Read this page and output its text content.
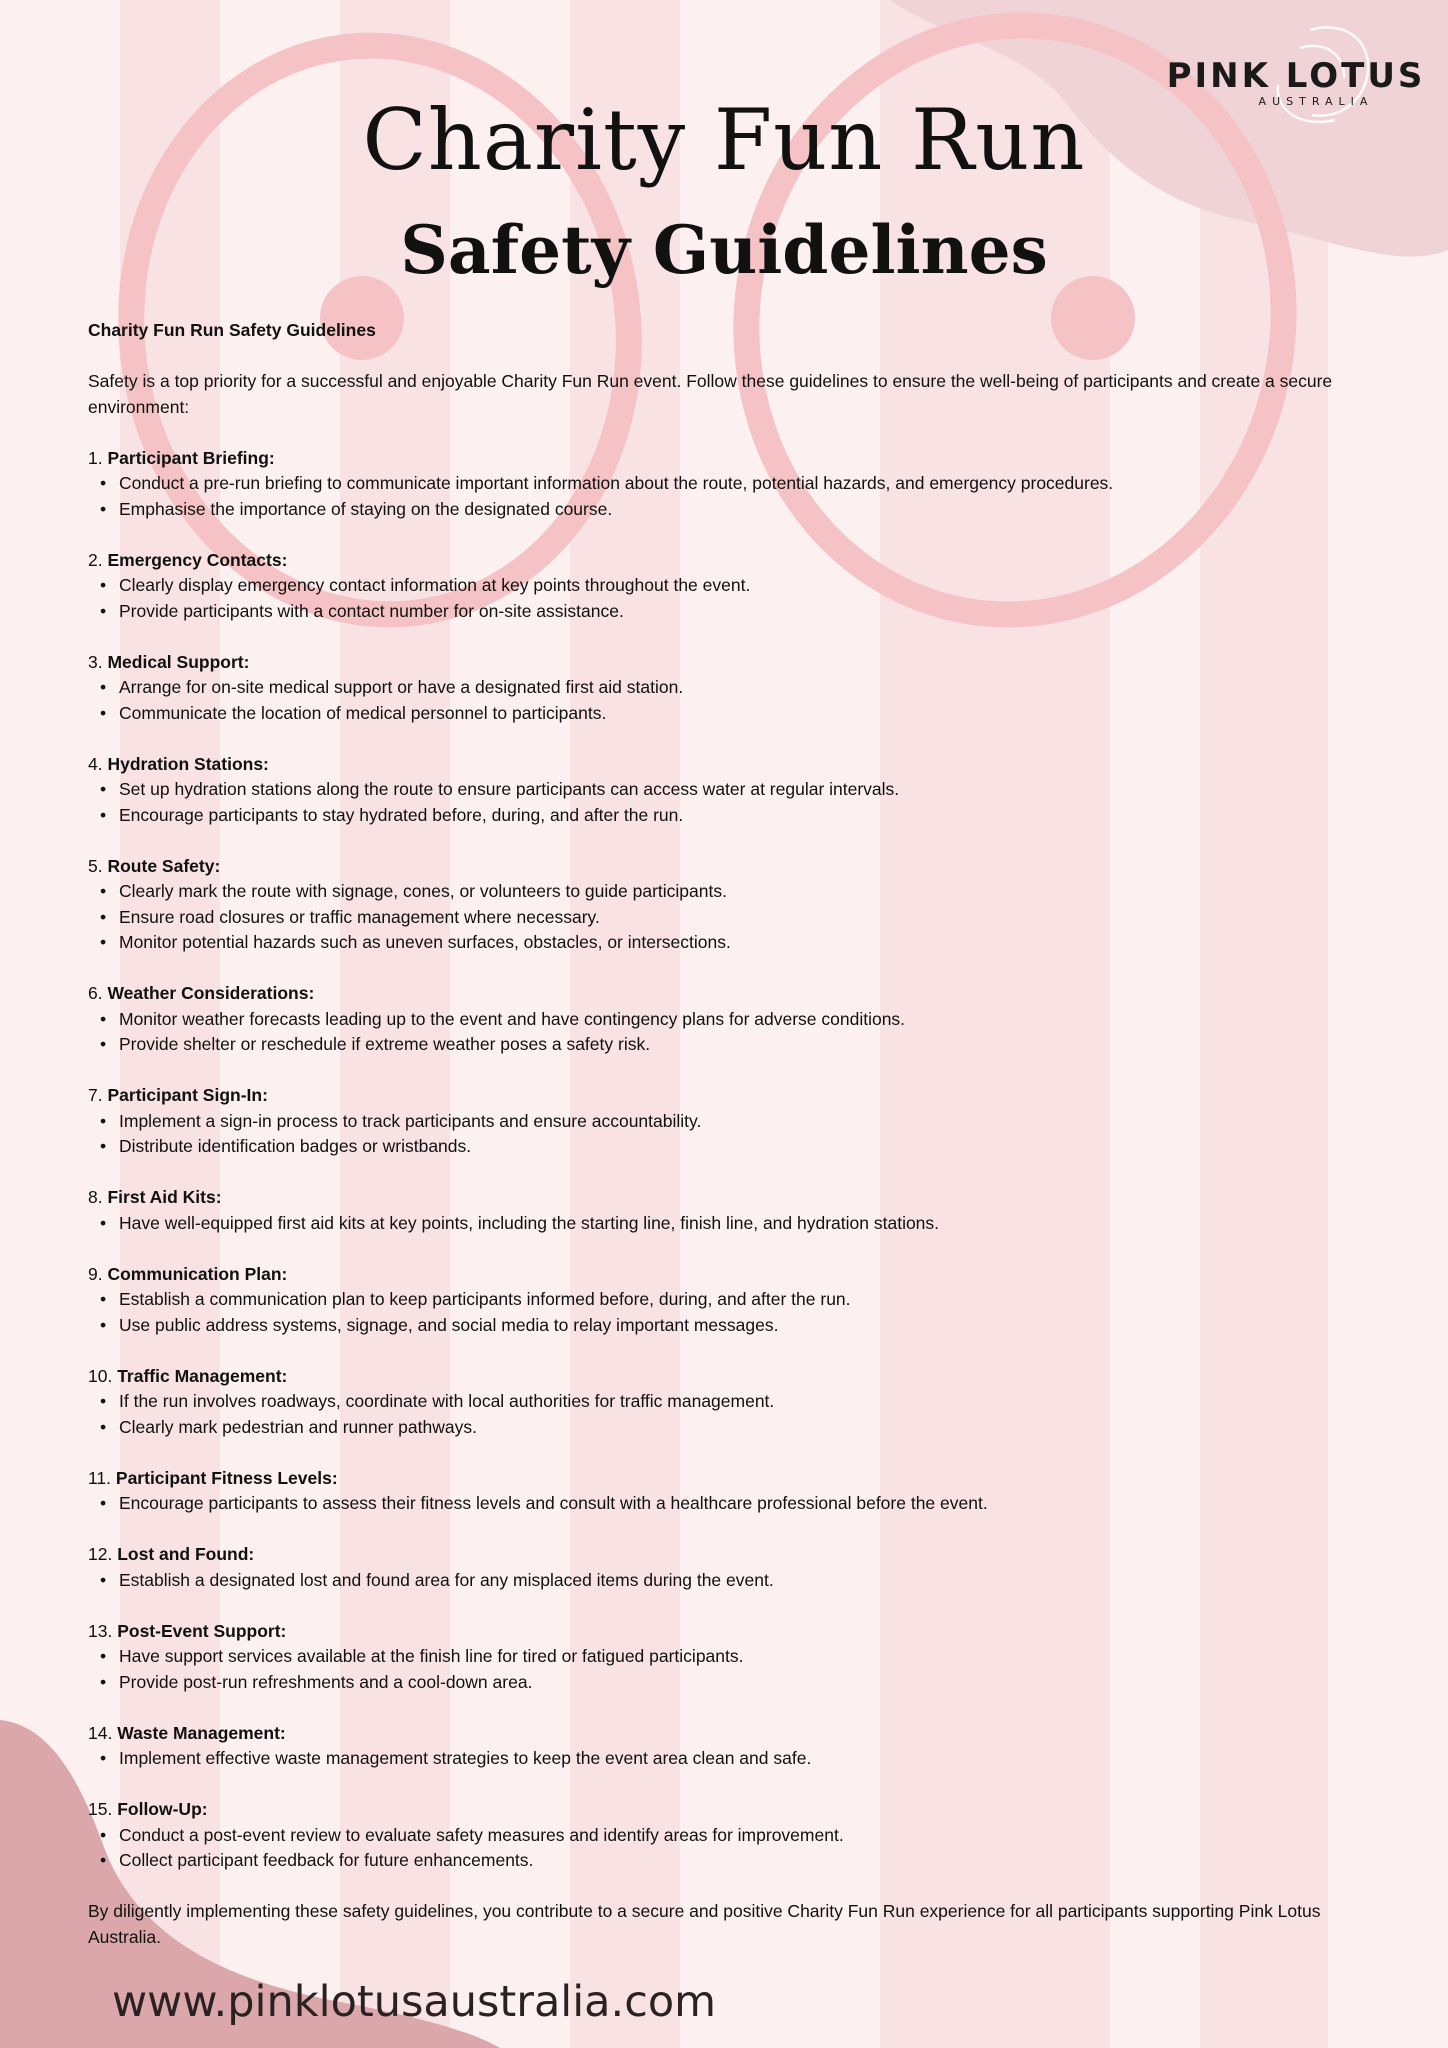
PINK LOTUS
AUSTRALIA
Charity Fun Run
Safety Guidelines

Charity Fun Run Safety Guidelines

Safety is a top priority for a successful and enjoyable Charity Fun Run event. Follow these guidelines to ensure the well-being of participants and create a secure environment:

1. Participant Briefing:

• Conduct a pre-run briefing to communicate important information about the route, potential hazards, and emergency procedures.
• Emphasise the importance of staying on the designated course.

2. Emergency Contacts:

• Clearly display emergency contact information at key points throughout the event.
• Provide participants with a contact number for on-site assistance.

3. Medical Support:

• Arrange for on-site medical support or have a designated first aid station.
• Communicate the location of medical personnel to participants.

4. Hydration Stations:

• Set up hydration stations along the route to ensure participants can access water at regular intervals.
• Encourage participants to stay hydrated before, during, and after the run.

5. Route Safety:

• Clearly mark the route with signage, cones, or volunteers to guide participants.
• Ensure road closures or traffic management where necessary.
• Monitor potential hazards such as uneven surfaces, obstacles, or intersections.

6. Weather Considerations:

• Monitor weather forecasts leading up to the event and have contingency plans for adverse conditions.
• Provide shelter or reschedule if extreme weather poses a safety risk.

7. Participant Sign-In:

• Implement a sign-in process to track participants and ensure accountability.
• Distribute identification badges or wristbands.

8. First Aid Kits:

• Have well-equipped first aid kits at key points, including the starting line, finish line, and hydration stations.

9. Communication Plan:

• Establish a communication plan to keep participants informed before, during, and after the run.
• Use public address systems, signage, and social media to relay important messages.

10. Traffic Management:

• If the run involves roadways, coordinate with local authorities for traffic management.
• Clearly mark pedestrian and runner pathways.

11. Participant Fitness Levels:

• Encourage participants to assess their fitness levels and consult with a healthcare professional before the event.

12. Lost and Found:

• Establish a designated lost and found area for any misplaced items during the event.

13. Post-Event Support:

• Have support services available at the finish line for tired or fatigued participants.
• Provide post-run refreshments and a cool-down area.

14. Waste Management:

• Implement effective waste management strategies to keep the event area clean and safe.

15. Follow-Up:

• Conduct a post-event review to evaluate safety measures and identify areas for improvement.
• Collect participant feedback for future enhancements.

By diligently implementing these safety guidelines, you contribute to a secure and positive Charity Fun Run experience for all participants supporting Pink Lotus Australia.

www.pinklotusaustralia.com
